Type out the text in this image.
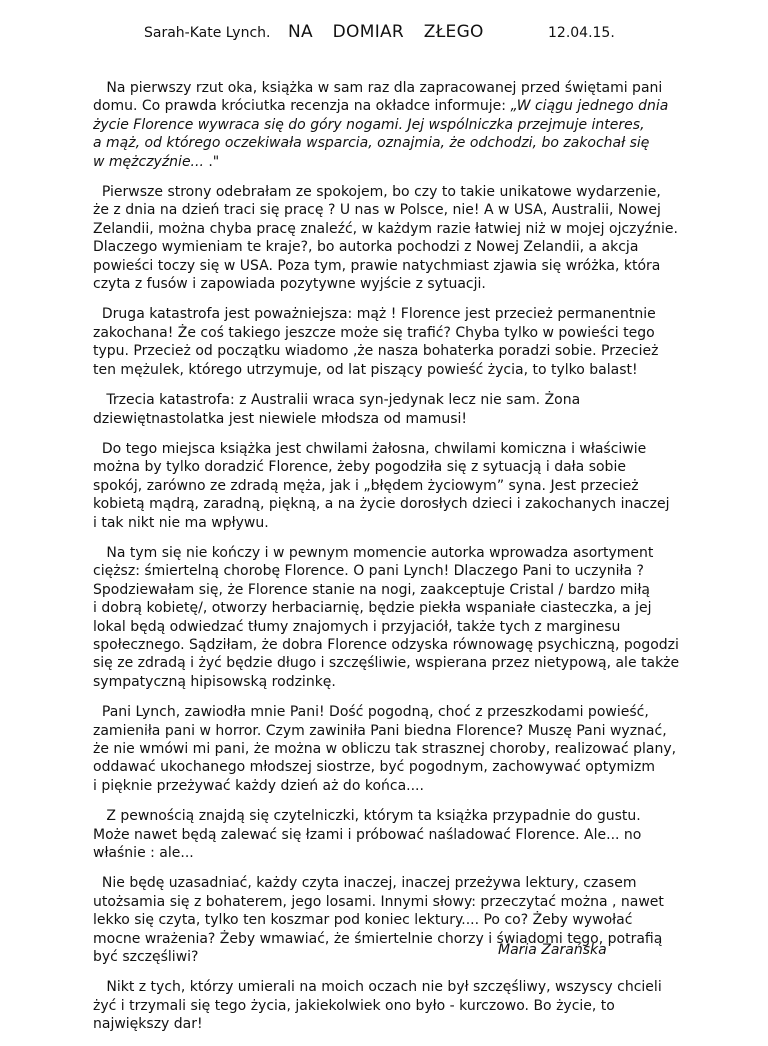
Sarah-Kate Lynch. NA DOMIAR ZŁEGO	12.04.15.
Na pierwszy rzut oka, książka w sam raz dla zapracowanej przed świętami pani
domu. Co prawda króciutka recenzja na okładce informuje: „W ciągu jednego dnia
życie Florence wywraca się do góry nogami. Jej wspólniczka przejmuje interes,
a mąż, od którego oczekiwała wsparcia, oznajmia, że odchodzi, bo zakochał się
w mężczyźnie... ."
Pierwsze strony odebrałam ze spokojem, bo czy to takie unikatowe wydarzenie,
że z dnia na dzień traci się pracę ? U nas w Polsce, nie! A w USA, Australii, Nowej
Zelandii, można chyba pracę znaleźć, w każdym razie łatwiej niż w mojej ojczyźnie.
Dlaczego wymieniam te kraje?, bo autorka pochodzi z Nowej Zelandii, a akcja
powieści toczy się w USA. Poza tym, prawie natychmiast zjawia się wróżka, która
czyta z fusów i zapowiada pozytywne wyjście z sytuacji.
Druga katastrofa jest poważniejsza: mąż ! Florence jest przecież permanentnie
zakochana! Że coś takiego jeszcze może się trafić? Chyba tylko w powieści tego
typu. Przecież od początku wiadomo ‚że nasza bohaterka poradzi sobie. Przecież
ten mężulek, którego utrzymuje, od lat piszący powieść życia, to tylko balast!
Trzecia katastrofa: z Australii wraca syn-jedynak lecz nie sam. Żona
dziewiętnastolatka jest niewiele młodsza od mamusi!
Do tego miejsca książka jest chwilami żałosna, chwilami komiczna i właściwie
można by tylko doradzić Florence, żeby pogodziła się z sytuacją i dała sobie
spokój, zarówno ze zdradą męża, jak i „błędem życiowym” syna. Jest przecież
kobietą mądrą, zaradną, piękną, a na życie dorosłych dzieci i zakochanych inaczej
i tak nikt nie ma wpływu.
Na tym się nie kończy i w pewnym momencie autorka wprowadza asortyment
cięższ: śmiertelną chorobę Florence. O pani Lynch! Dlaczego Pani to uczyniła ?
Spodziewałam się, że Florence stanie na nogi, zaakceptuje Cristal / bardzo miłą
i dobrą kobietę/, otworzy herbaciarnię, będzie piekła wspaniałe ciasteczka, a jej
lokal będą odwiedzać tłumy znajomych i przyjaciół, także tych z marginesu
społecznego. Sądziłam, że dobra Florence odzyska równowagę psychiczną, pogodzi
się ze zdradą i żyć będzie długo i szczęśliwie, wspierana przez nietypową, ale także
sympatyczną hipisowską rodzinkę.
Pani Lynch, zawiodła mnie Pani! Dość pogodną, choć z przeszkodami powieść,
zamieniła pani w horror. Czym zawiniła Pani biedna Florence? Muszę Pani wyznać,
że nie wmówi mi pani, że można w obliczu tak strasznej choroby, realizować plany,
oddawać ukochanego młodszej siostrze, być pogodnym, zachowywać optymizm
i pięknie przeżywać każdy dzień aż do końca....
Z pewnością znajdą się czytelniczki, którym ta książka przypadnie do gustu.
Może nawet będą zalewać się łzami i próbować naśladować Florence. Ale... no
właśnie : ale...
Nie będę uzasadniać, każdy czyta inaczej, inaczej przeżywa lektury, czasem
utożsamia się z bohaterem, jego losami. Innymi słowy: przeczytać można , nawet
lekko się czyta, tylko ten koszmar pod koniec lektury.... Po co? Żeby wywołać
mocne wrażenia? Żeby wmawiać, że śmiertelnie chorzy i świadomi tego, potrafią
być szczęśliwi?
Nikt z tych, którzy umierali na moich oczach nie był szczęśliwy, wszyscy chcieli
żyć i trzymali się tego życia, jakiekolwiek ono było - kurczowo. Bo życie, to
największy dar!
Maria Zarańska
